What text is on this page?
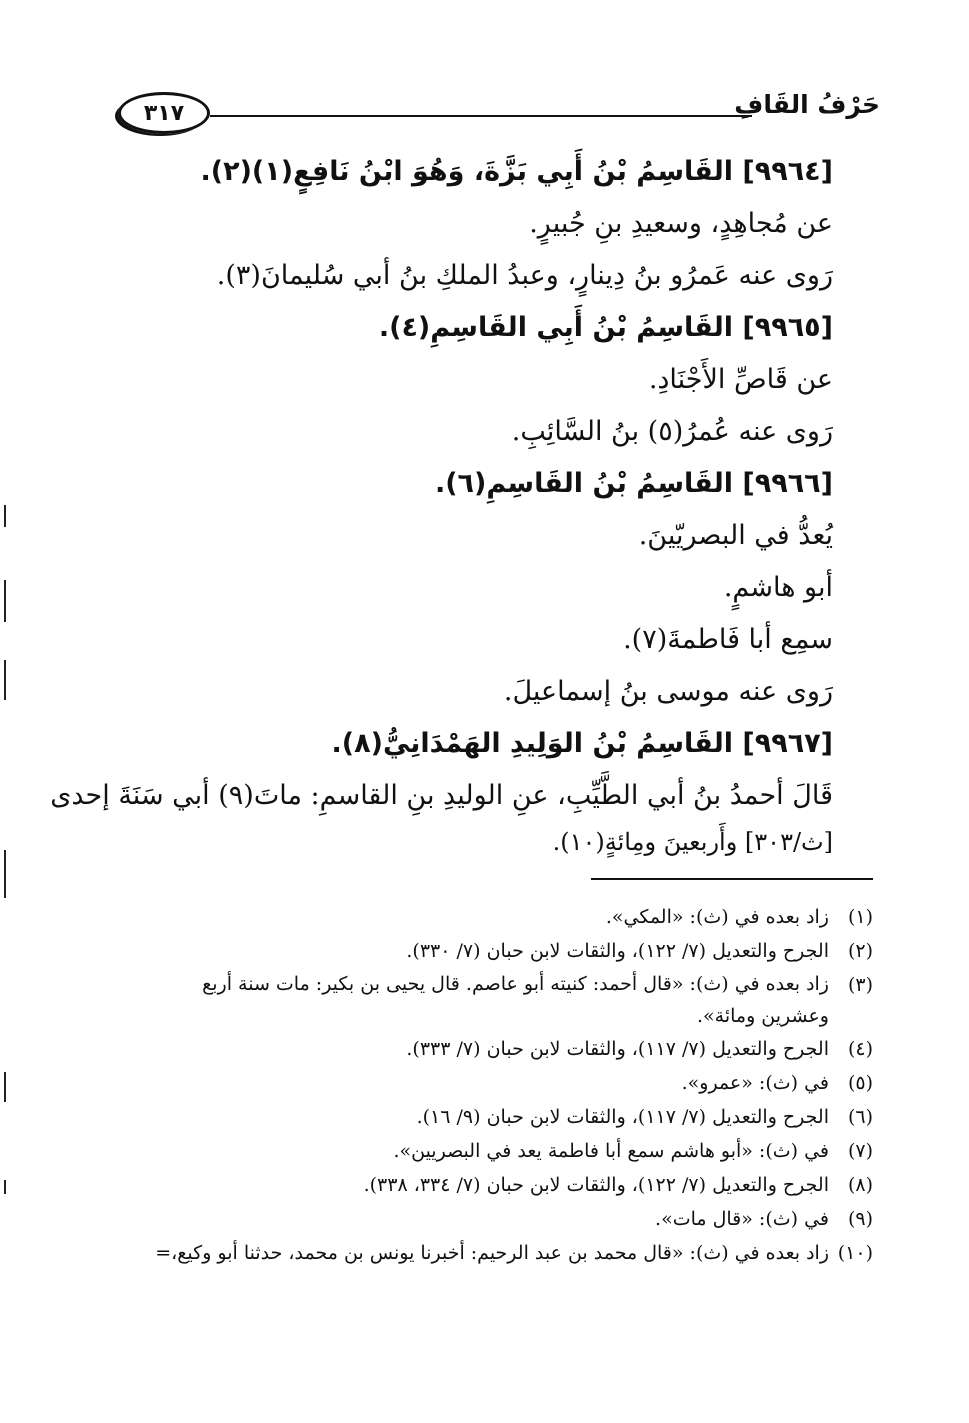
٣١٧	حَرْفُ القَافِ
[٩٩٦٤] القَاسِمُ بْنُ أَبِي بَزَّةَ، وَهُوَ ابْنُ نَافِعٍ(١)(٢).
عن مُجاهِدٍ، وسعيدِ بنِ جُبيرٍ.
رَوى عنه عَمرُو بنُ دِينارٍ، وعبدُ الملكِ بنُ أبي سُليمانَ(٣).
[٩٩٦٥] القَاسِمُ بْنُ أَبِي القَاسِمِ(٤).
عن قَاصِّ الأَجْنَادِ.
رَوى عنه عُمرُ(٥) بنُ السَّائِبِ.
[٩٩٦٦] القَاسِمُ بْنُ القَاسِمِ(٦).
يُعدُّ في البصريّينَ.
أبو هاشمٍ.
سمِع أبا فَاطمةَ(٧).
رَوى عنه موسى بنُ إسماعيلَ.
[٩٩٦٧] القَاسِمُ بْنُ الوَلِيدِ الهَمْدَانِيُّ(٨).
قَالَ أحمدُ بنُ أبي الطَّيِّبِ، عنِ الوليدِ بنِ القاسمِ: ماتَ(٩) أبي سَنَةَ إحدى
[ث/٣٠٣] وأَربعينَ ومِائةٍ(١٠).
(١)
زاد بعده في (ث): «المكي».
(٢)
الجرح والتعديل (٧/ ١٢٢)، والثقات لابن حبان (٧/ ٣٣٠).
(٣)
زاد بعده في (ث): «قال أحمد: كنيته أبو عاصم. قال يحيى بن بكير: مات سنة أربع وعشرين ومائة».
(٤)
الجرح والتعديل (٧/ ١١٧)، والثقات لابن حبان (٧/ ٣٣٣).
(٥)
في (ث): «عمرو».
(٦)
الجرح والتعديل (٧/ ١١٧)، والثقات لابن حبان (٩/ ١٦).
(٧)
في (ث): «أبو هاشم سمع أبا فاطمة يعد في البصريين».
(٨)
الجرح والتعديل (٧/ ١٢٢)، والثقات لابن حبان (٧/ ٣٣٤، ٣٣٨).
(٩)
في (ث): «قال مات».
(١٠)
زاد بعده في (ث): «قال محمد بن عبد الرحيم: أخبرنا يونس بن محمد، حدثنا أبو وكيع،=
